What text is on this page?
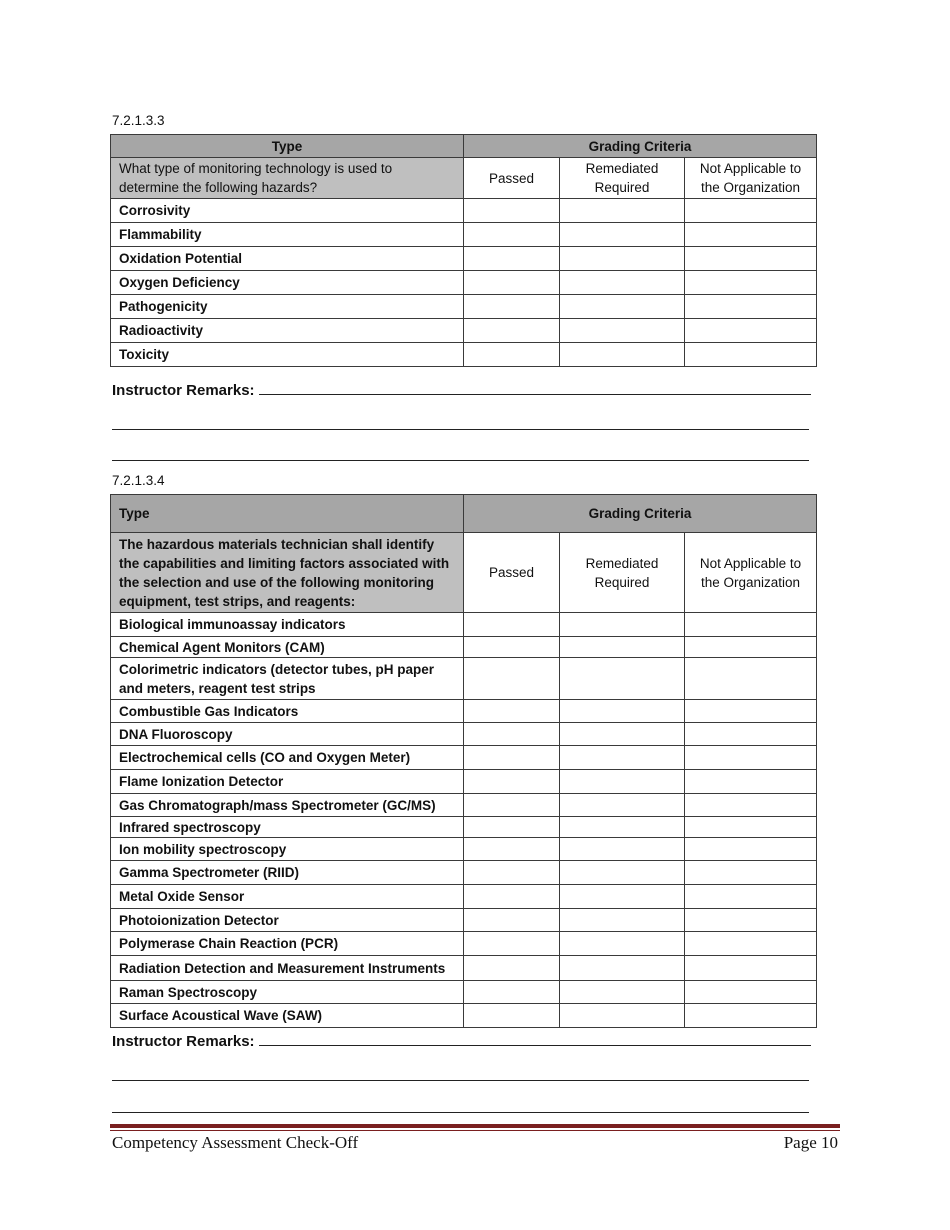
7.2.1.3.3
Type	Grading Criteria		
What type of monitoring technology is used to determine the following hazards?	Passed	Remediated Required	Not Applicable to the Organization
Corrosivity			
Flammability			
Oxidation Potential			
Oxygen Deficiency			
Pathogenicity			
Radioactivity			
Toxicity			
Instructor Remarks:
7.2.1.3.4
Type	Grading Criteria		
The hazardous materials technician shall identify the capabilities and limiting factors associated with the selection and use of the following monitoring equipment, test strips, and reagents:	Passed	Remediated Required	Not Applicable to the Organization
Biological immunoassay indicators			
Chemical Agent Monitors (CAM)			
Colorimetric indicators (detector tubes, pH paper and meters, reagent test strips			
Combustible Gas Indicators			
DNA Fluoroscopy			
Electrochemical cells (CO and Oxygen Meter)			
Flame Ionization Detector			
Gas Chromatograph/mass Spectrometer (GC/MS)			
Infrared spectroscopy			
Ion mobility spectroscopy			
Gamma Spectrometer (RIID)			
Metal Oxide Sensor			
Photoionization Detector			
Polymerase Chain Reaction (PCR)			
Radiation Detection and Measurement Instruments			
Raman Spectroscopy			
Surface Acoustical Wave (SAW)			
Instructor Remarks:
Competency Assessment Check-Off	Page 10
